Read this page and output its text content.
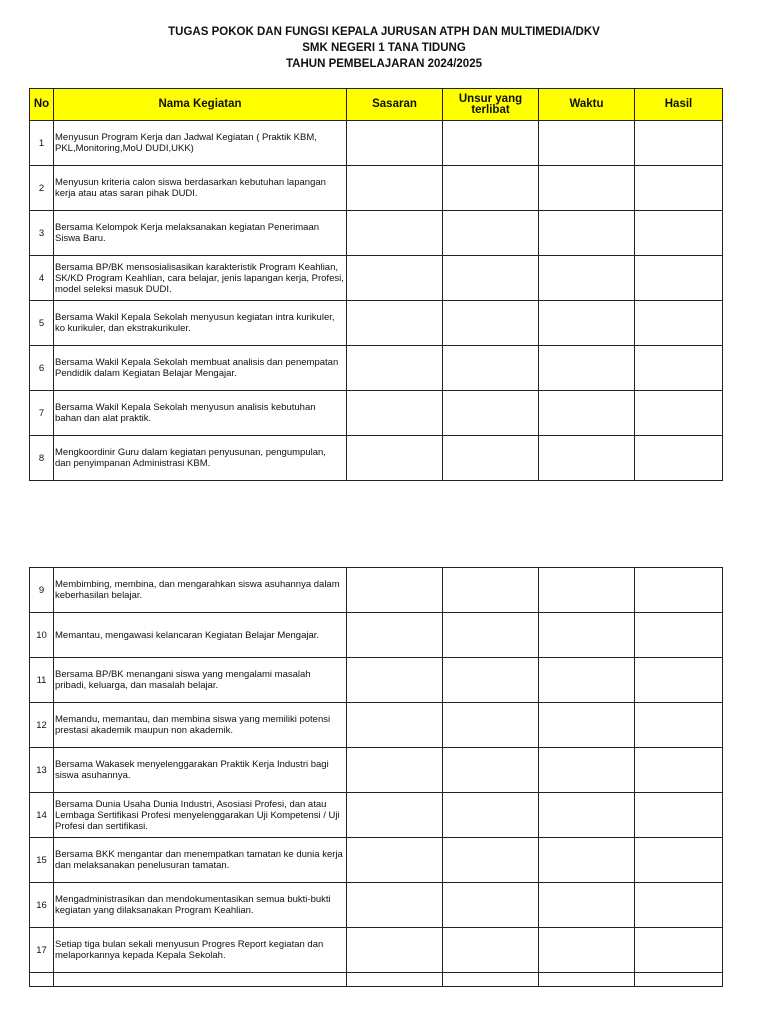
TUGAS POKOK DAN FUNGSI KEPALA JURUSAN ATPH DAN MULTIMEDIA/DKV
SMK NEGERI 1 TANA TIDUNG
TAHUN PEMBELAJARAN 2024/2025
No	Nama Kegiatan	Sasaran	Unsur yang terlibat	Waktu	Hasil
1	Menyusun Program Kerja dan Jadwal Kegiatan ( Praktik KBM, PKL,Monitoring,MoU DUDI,UKK)				
2	Menyusun kriteria calon siswa berdasarkan kebutuhan lapangan kerja atau atas saran pihak DUDI.				
3	Bersama Kelompok Kerja melaksanakan kegiatan Penerimaan Siswa Baru.				
4	Bersama BP/BK mensosialisasikan karakteristik Program Keahlian, SK/KD Program Keahlian, cara belajar, jenis lapangan kerja, Profesi, model seleksi masuk DUDI.				
5	Bersama Wakil Kepala Sekolah menyusun kegiatan intra kurikuler, ko kurikuler, dan ekstrakurikuler.				
6	Bersama Wakil Kepala Sekolah membuat analisis dan penempatan Pendidik dalam Kegiatan Belajar Mengajar.				
7	Bersama Wakil Kepala Sekolah menyusun analisis kebutuhan bahan dan alat praktik.				
8	Mengkoordinir Guru dalam kegiatan penyusunan, pengumpulan, dan penyimpanan Administrasi KBM.				
9	Membimbing, membina, dan mengarahkan siswa asuhannya dalam keberhasilan belajar.				
10	Memantau, mengawasi kelancaran Kegiatan Belajar Mengajar.				
11	Bersama BP/BK menangani siswa yang mengalami masalah pribadi, keluarga, dan masalah belajar.				
12	Memandu, memantau, dan membina siswa yang memiliki potensi prestasi akademik maupun non akademik.				
13	Bersama Wakasek menyelenggarakan Praktik Kerja Industri bagi siswa asuhannya.				
14	Bersama Dunia Usaha Dunia Industri, Asosiasi Profesi, dan atau Lembaga Sertifikasi Profesi menyelenggarakan Uji Kompetensi / Uji Profesi dan sertifikasi.				
15	Bersama BKK mengantar dan menempatkan tamatan ke dunia kerja dan melaksanakan penelusuran tamatan.				
16	Mengadministrasikan dan mendokumentasikan semua bukti-bukti kegiatan yang dilaksanakan Program Keahlian.				
17	Setiap tiga bulan sekali menyusun Progres Report kegiatan dan melaporkannya kepada Kepala Sekolah.				
